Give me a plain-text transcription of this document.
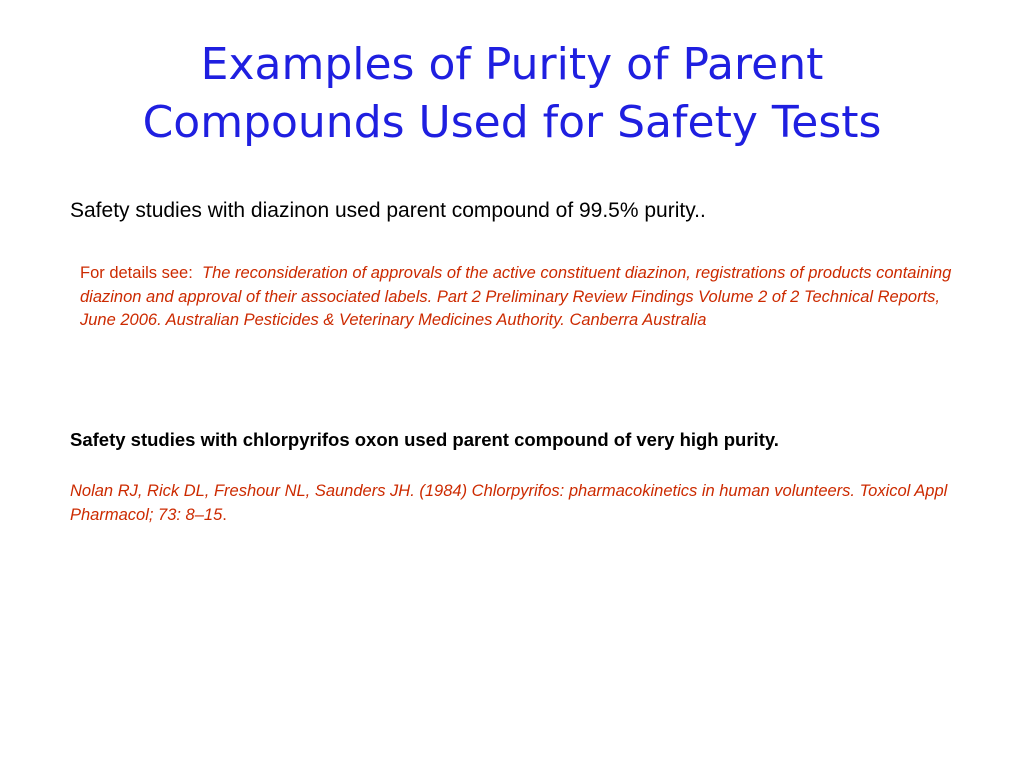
Examples of Purity of Parent
Compounds Used for Safety Tests

Safety studies with diazinon used parent compound of 99.5% purity..

For details see: The reconsideration of approvals of the active constituent diazinon, registrations of products containing diazinon and approval of their associated labels. Part 2 Preliminary Review Findings Volume 2 of 2 Technical Reports, June 2006. Australian Pesticides & Veterinary Medicines Authority. Canberra Australia

Safety studies with chlorpyrifos oxon used parent compound of very high purity.

Nolan RJ, Rick DL, Freshour NL, Saunders JH. (1984) Chlorpyrifos: pharmacokinetics in human volunteers. Toxicol Appl Pharmacol; 73: 8–15.
